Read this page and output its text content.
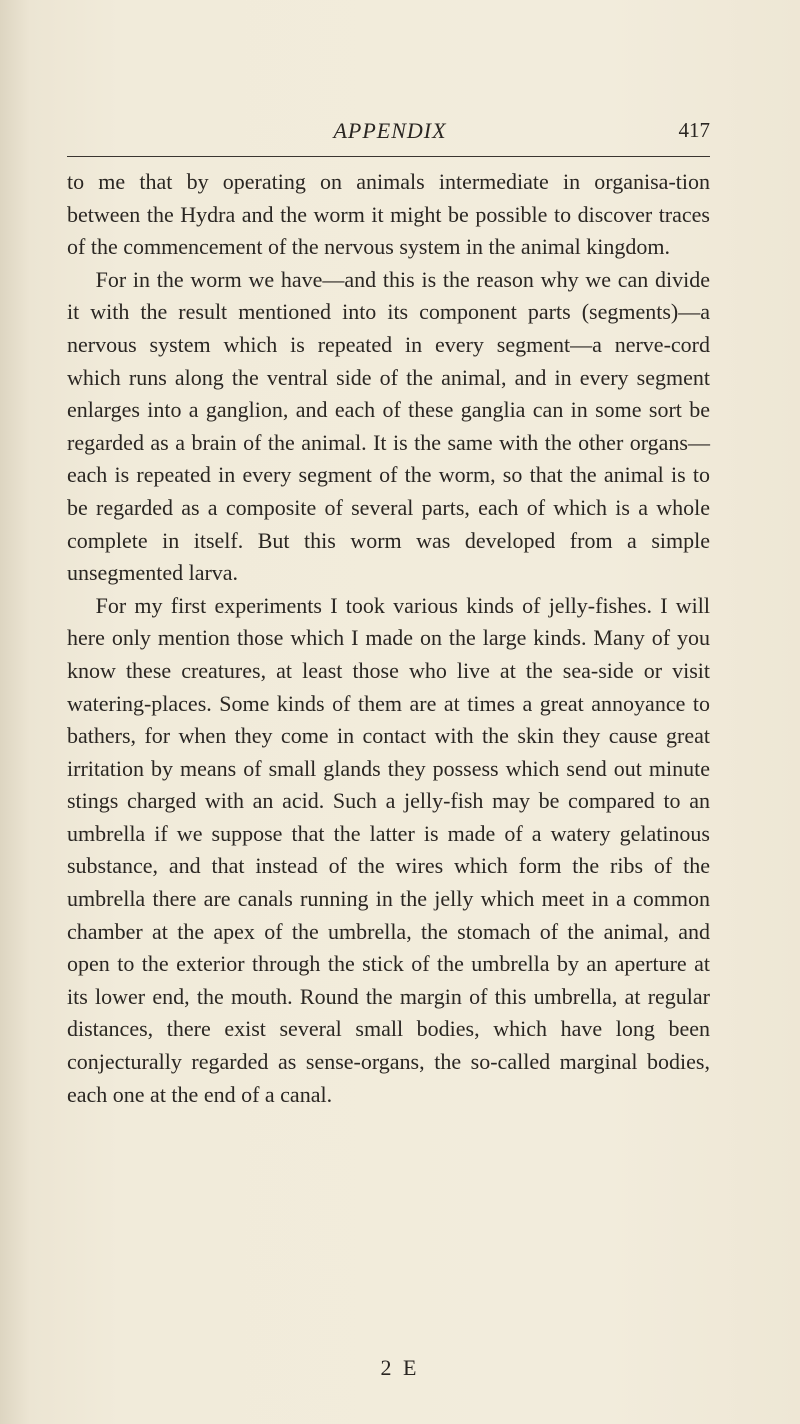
APPENDIX	417

to me that by operating on animals intermediate in organisa-tion between the Hydra and the worm it might be possible to discover traces of the commencement of the nervous system in the animal kingdom.

For in the worm we have—and this is the reason why we can divide it with the result mentioned into its component parts (segments)—a nervous system which is repeated in every segment—a nerve-cord which runs along the ventral side of the animal, and in every segment enlarges into a ganglion, and each of these ganglia can in some sort be regarded as a brain of the animal. It is the same with the other organs—each is repeated in every segment of the worm, so that the animal is to be regarded as a composite of several parts, each of which is a whole complete in itself. But this worm was developed from a simple unsegmented larva.

For my first experiments I took various kinds of jelly-fishes. I will here only mention those which I made on the large kinds. Many of you know these creatures, at least those who live at the sea-side or visit watering-places. Some kinds of them are at times a great annoyance to bathers, for when they come in contact with the skin they cause great irritation by means of small glands they possess which send out minute stings charged with an acid. Such a jelly-fish may be compared to an umbrella if we suppose that the latter is made of a watery gelatinous substance, and that instead of the wires which form the ribs of the umbrella there are canals running in the jelly which meet in a common chamber at the apex of the umbrella, the stomach of the animal, and open to the exterior through the stick of the umbrella by an aperture at its lower end, the mouth. Round the margin of this umbrella, at regular distances, there exist several small bodies, which have long been conjecturally regarded as sense-organs, the so-called marginal bodies, each one at the end of a canal.

2 E
